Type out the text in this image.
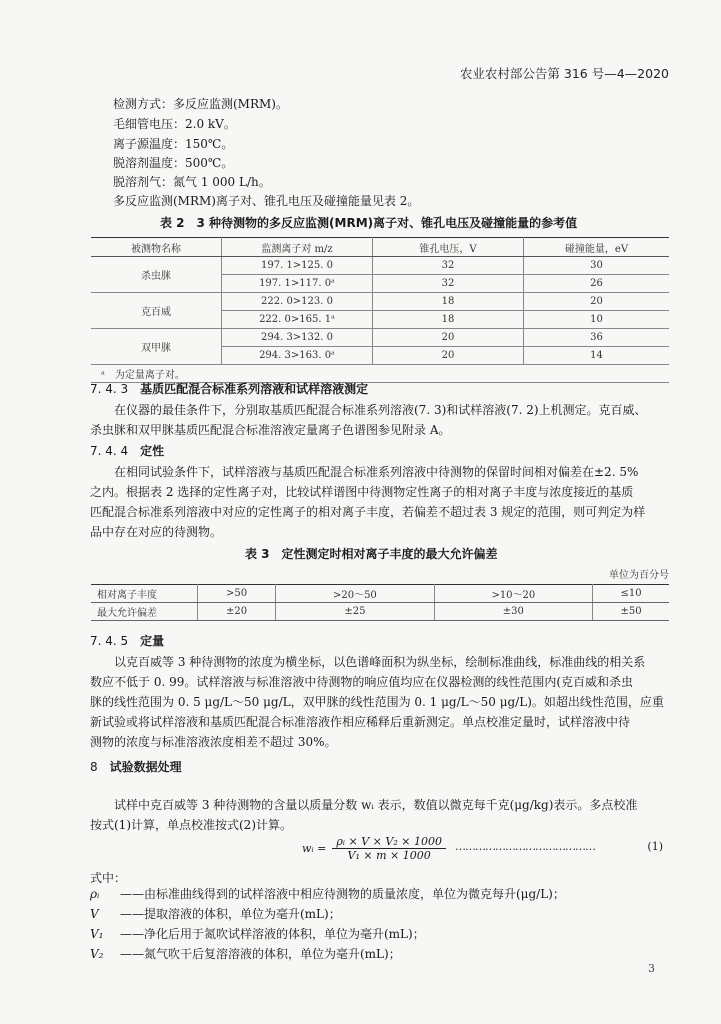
农业农村部公告第 316 号—4—2020
检测方式：多反应监测(MRM)。
毛细管电压：2.0 kV。
离子源温度：150℃。
脱溶剂温度：500℃。
脱溶剂气：氮气 1 000 L/h。
多反应监测(MRM)离子对、锥孔电压及碰撞能量见表 2。
表 2　3 种待测物的多反应监测(MRM)离子对、锥孔电压及碰撞能量的参考值
被测物名称	监测离子对 m/z	锥孔电压，V	碰撞能量，eV
杀虫脒	197. 1>125. 0	32	30
	197. 1>117. 0ᵃ	32	26
克百威	222. 0>123. 0	18	20
	222. 0>165. 1ᵃ	18	10
双甲脒	294. 3>132. 0	20	36
	294. 3>163. 0ᵃ	20	14
ᵃ　为定量离子对。			
7. 4. 3 基质匹配混合标准系列溶液和试样溶液测定
在仪器的最佳条件下，分别取基质匹配混合标准系列溶液(7. 3)和试样溶液(7. 2)上机测定。克百威、
杀虫脒和双甲脒基质匹配混合标准溶液定量离子色谱图参见附录 A。
7. 4. 4 定性
在相同试验条件下，试样溶液与基质匹配混合标准系列溶液中待测物的保留时间相对偏差在±2. 5%
之内。根据表 2 选择的定性离子对，比较试样谱图中待测物定性离子的相对离子丰度与浓度接近的基质
匹配混合标准系列溶液中对应的定性离子的相对离子丰度，若偏差不超过表 3 规定的范围，则可判定为样
品中存在对应的待测物。
表 3　定性测定时相对离子丰度的最大允许偏差
单位为百分号
相对离子丰度	>50	>20～50	>10～20	≤10
最大允许偏差	±20	±25	±30	±50
7. 4. 5 定量
以克百威等 3 种待测物的浓度为横坐标，以色谱峰面积为纵坐标，绘制标准曲线，标准曲线的相关系
数应不低于 0. 99。试样溶液与标准溶液中待测物的响应值均应在仪器检测的线性范围内(克百威和杀虫
脒的线性范围为 0. 5 μg/L～50 μg/L，双甲脒的线性范围为 0. 1 μg/L～50 μg/L)。如超出线性范围，应重
新试验或将试样溶液和基质匹配混合标准溶液作相应稀释后重新测定。单点校准定量时，试样溶液中待
测物的浓度与标准溶液浓度相差不超过 30%。
8 试验数据处理
试样中克百威等 3 种待测物的含量以质量分数 wᵢ 表示，数值以微克每千克(μg/kg)表示。多点校准
按式(1)计算，单点校准按式(2)计算。
wᵢ = $\frac{\text{ρᵢ × V × V₂ × 1000}}{\text{V₁ × m × 1000}}$ ……………………………………	(1)
式中：
ρᵢ ——由标准曲线得到的试样溶液中相应待测物的质量浓度，单位为微克每升(μg/L)；
V ——提取溶液的体积，单位为毫升(mL)；
V₁ ——净化后用于氮吹试样溶液的体积，单位为毫升(mL)；
V₂ ——氮气吹干后复溶溶液的体积，单位为毫升(mL)；
3
